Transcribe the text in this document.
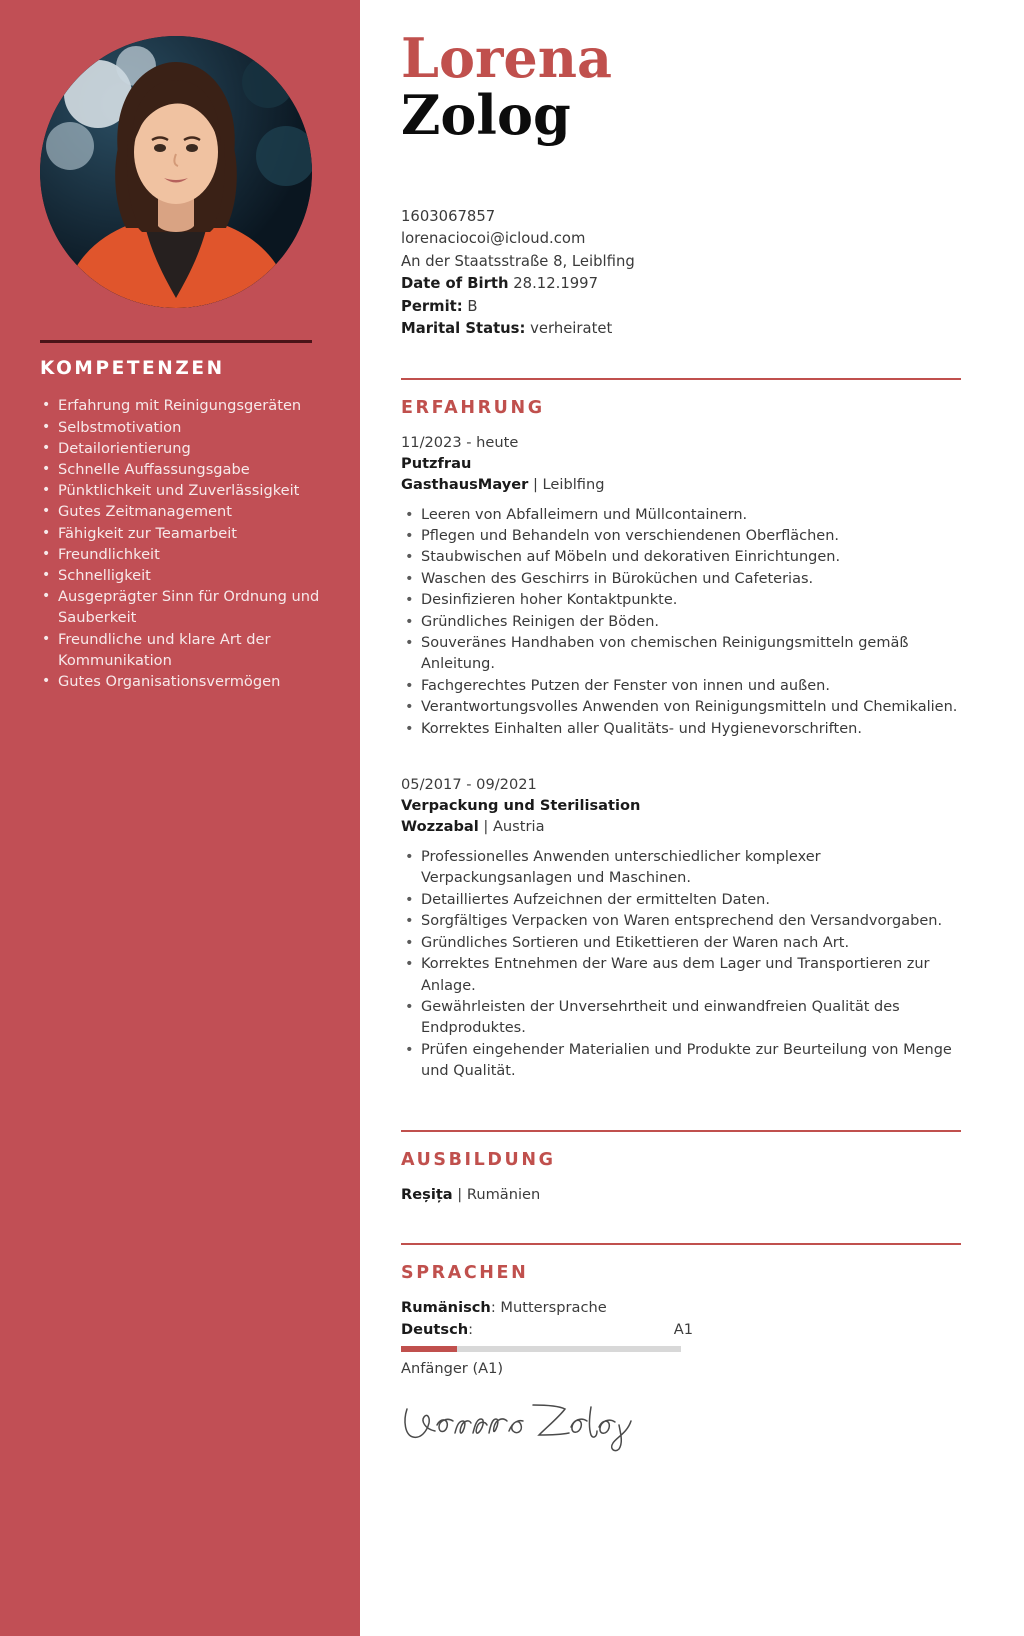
KOMPETENZEN
• Erfahrung mit Reinigungsgeräten
• Selbstmotivation
• Detailorientierung
• Schnelle Auffassungsgabe
• Pünktlichkeit und Zuverlässigkeit
• Gutes Zeitmanagement
• Fähigkeit zur Teamarbeit
• Freundlichkeit
• Schnelligkeit
• Ausgeprägter Sinn für Ordnung und Sauberkeit
• Freundliche und klare Art der Kommunikation
• Gutes Organisationsvermögen
Lorena
Zolog
1603067857
lorenaciocoi@icloud.com
An der Staatsstraße 8, Leiblfing
Date of Birth 28.12.1997
Permit: B
Marital Status: verheiratet
ERFAHRUNG
11/2023 - heute
Putzfrau
GasthausMayer | Leiblfing
• Leeren von Abfalleimern und Müllcontainern.
• Pflegen und Behandeln von verschiendenen Oberflächen.
• Staubwischen auf Möbeln und dekorativen Einrichtungen.
• Waschen des Geschirrs in Büroküchen und Cafeterias.
• Desinfizieren hoher Kontaktpunkte.
• Gründliches Reinigen der Böden.
• Souveränes Handhaben von chemischen Reinigungsmitteln gemäß Anleitung.
• Fachgerechtes Putzen der Fenster von innen und außen.
• Verantwortungsvolles Anwenden von Reinigungsmitteln und Chemikalien.
• Korrektes Einhalten aller Qualitäts- und Hygienevorschriften.
05/2017 - 09/2021
Verpackung und Sterilisation
Wozzabal | Austria
• Professionelles Anwenden unterschiedlicher komplexer Verpackungsanlagen und Maschinen.
• Detailliertes Aufzeichnen der ermittelten Daten.
• Sorgfältiges Verpacken von Waren entsprechend den Versandvorgaben.
• Gründliches Sortieren und Etikettieren der Waren nach Art.
• Korrektes Entnehmen der Ware aus dem Lager und Transportieren zur Anlage.
• Gewährleisten der Unversehrtheit und einwandfreien Qualität des Endproduktes.
• Prüfen eingehender Materialien und Produkte zur Beurteilung von Menge und Qualität.
AUSBILDUNG
Reșița | Rumänien
SPRACHEN
Rumänisch: Muttersprache
Deutsch:	A1
Anfänger (A1)
